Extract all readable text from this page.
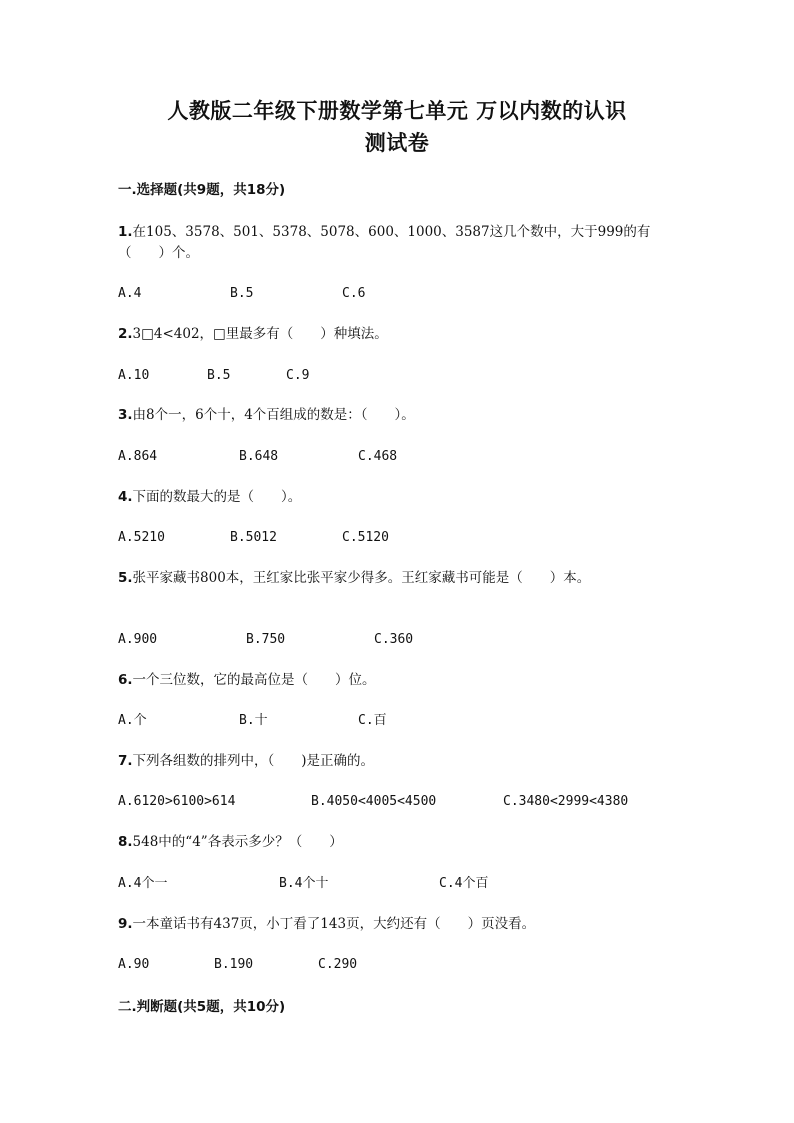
人教版二年级下册数学第七单元 万以内数的认识
测试卷
一.选择题(共9题，共18分)
1.在105、3578、501、5378、5078、600、1000、3587这几个数中，大于999的有（　　）个。
A.4	B.5	C.6
2.3□4<402，□里最多有（　　）种填法。
A.10	B.5	C.9
3.由8个一，6个十，4个百组成的数是：（　　）。
A.864	B.648	C.468
4.下面的数最大的是（　　）。
A.5210	B.5012	C.5120
5.张平家藏书800本，王红家比张平家少得多。王红家藏书可能是（　　）本。
A.900	B.750	C.360
6.一个三位数，它的最高位是（　　）位。
A.个	B.十	C.百
7.下列各组数的排列中，（　　)是正确的。
A.6120>6100>614	B.4050<4005<4500	C.3480<2999<4380
8.548中的“4”各表示多少？（　　）
A.4个一	B.4个十	C.4个百
9.一本童话书有437页，小丁看了143页，大约还有（　　）页没看。
A.90	B.190	C.290
二.判断题(共5题，共10分)
